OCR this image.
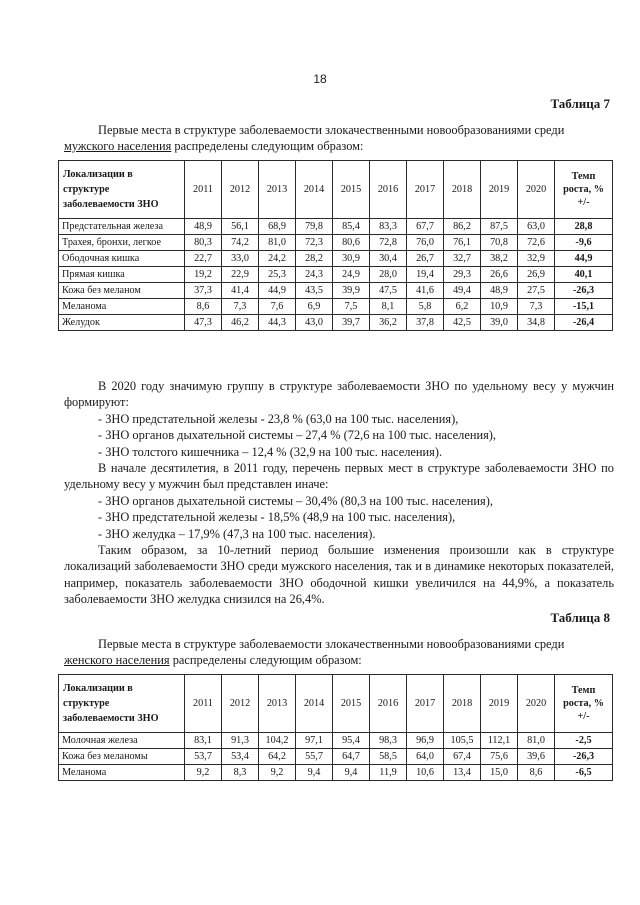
18
Таблица 7

Первые места в структуре заболеваемости злокачественными новообразованиями среди мужского населения распределены следующим образом:

Локализации в структуре заболеваемости ЗНО	2011	2012	2013	2014	2015	2016	2017	2018	2019	2020	Темп роста, % +/-
Предстательная железа	48,9	56,1	68,9	79,8	85,4	83,3	67,7	86,2	87,5	63,0	28,8
Трахея, бронхи, легкое	80,3	74,2	81,0	72,3	80,6	72,8	76,0	76,1	70,8	72,6	-9,6
Ободочная кишка	22,7	33,0	24,2	28,2	30,9	30,4	26,7	32,7	38,2	32,9	44,9
Прямая кишка	19,2	22,9	25,3	24,3	24,9	28,0	19,4	29,3	26,6	26,9	40,1
Кожа без меланом	37,3	41,4	44,9	43,5	39,9	47,5	41,6	49,4	48,9	27,5	-26,3
Меланома	8,6	7,3	7,6	6,9	7,5	8,1	5,8	6,2	10,9	7,3	-15,1
Желудок	47,3	46,2	44,3	43,0	39,7	36,2	37,8	42,5	39,0	34,8	-26,4

В 2020 году значимую группу в структуре заболеваемости ЗНО по удельному весу у мужчин формируют:

- ЗНО предстательной железы - 23,8 % (63,0 на 100 тыс. населения),

- ЗНО органов дыхательной системы – 27,4 % (72,6 на 100 тыс. населения),

- ЗНО толстого кишечника – 12,4 % (32,9 на 100 тыс. населения).

В начале десятилетия, в 2011 году, перечень первых мест в структуре заболеваемости ЗНО по удельному весу у мужчин был представлен иначе:

- ЗНО органов дыхательной системы – 30,4% (80,3 на 100 тыс. населения),

- ЗНО предстательной железы - 18,5% (48,9 на 100 тыс. населения),

- ЗНО желудка – 17,9% (47,3 на 100 тыс. населения).

Таким образом, за 10-летний период большие изменения произошли как в структуре локализаций заболеваемости ЗНО среди мужского населения, так и в динамике некоторых показателей, например, показатель заболеваемости ЗНО ободочной кишки увеличился на 44,9%, а показатель заболеваемости ЗНО желудка снизился на 26,4%.

Таблица 8

Первые места в структуре заболеваемости злокачественными новообразованиями среди женского населения распределены следующим образом:

Локализации в структуре заболеваемости ЗНО	2011	2012	2013	2014	2015	2016	2017	2018	2019	2020	Темп роста, % +/-
Молочная железа	83,1	91,3	104,2	97,1	95,4	98,3	96,9	105,5	112,1	81,0	-2,5
Кожа без меланомы	53,7	53,4	64,2	55,7	64,7	58,5	64,0	67,4	75,6	39,6	-26,3
Меланома	9,2	8,3	9,2	9,4	9,4	11,9	10,6	13,4	15,0	8,6	-6,5
